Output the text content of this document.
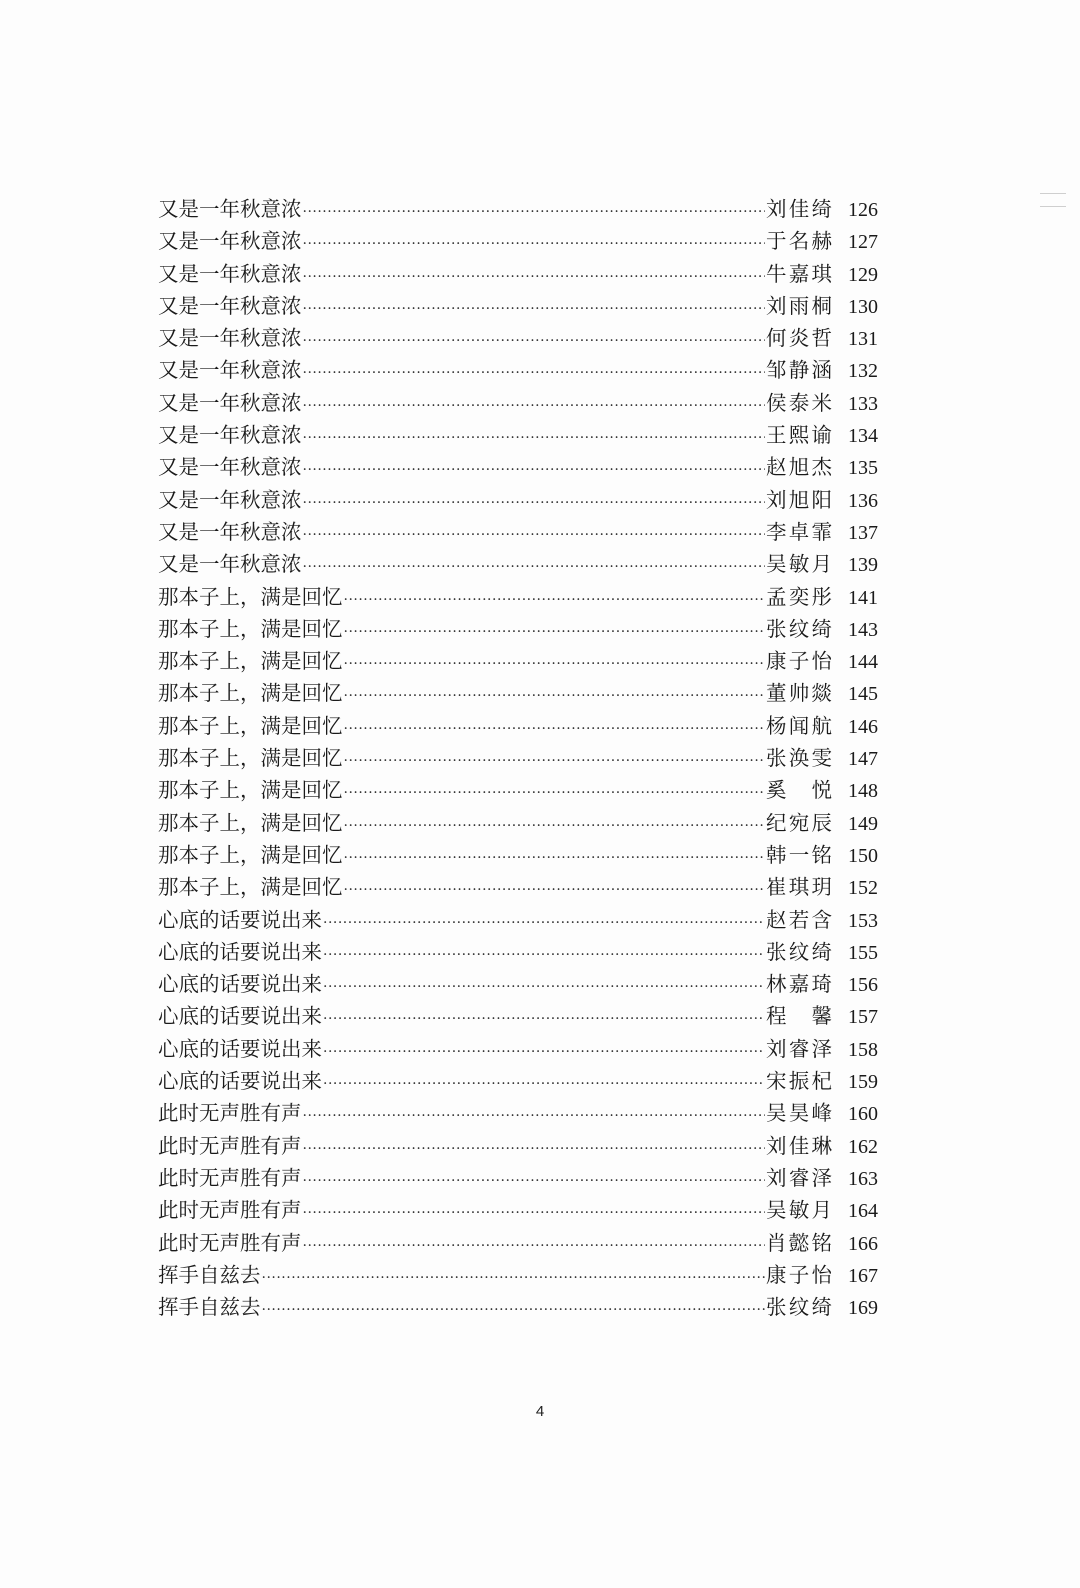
又是一年秋意浓 ·····	刘佳绮 126
又是一年秋意浓 ·····	于名赫 127
又是一年秋意浓 ·····	牛嘉琪 129
又是一年秋意浓 ·····	刘雨桐 130
又是一年秋意浓 ·····	何炎哲 131
又是一年秋意浓 ·····	邹静涵 132
又是一年秋意浓 ·····	侯泰米 133
又是一年秋意浓 ·····	王熙谕 134
又是一年秋意浓 ·····	赵旭杰 135
又是一年秋意浓 ·····	刘旭阳 136
又是一年秋意浓 ·····	李卓霏 137
又是一年秋意浓 ·····	吴敏月 139
那本子上，满是回忆 ·····	孟奕彤 141
那本子上，满是回忆 ·····	张纹绮 143
那本子上，满是回忆 ·····	康子怡 144
那本子上，满是回忆 ·····	董帅燚 145
那本子上，满是回忆 ·····	杨闻航 146
那本子上，满是回忆 ·····	张涣雯 147
那本子上，满是回忆 ·····	奚悦 148
那本子上，满是回忆 ·····	纪宛辰 149
那本子上，满是回忆 ·····	韩一铭 150
那本子上，满是回忆 ·····	崔琪玥 152
心底的话要说出来 ·····	赵若含 153
心底的话要说出来 ·····	张纹绮 155
心底的话要说出来 ·····	林嘉琦 156
心底的话要说出来 ·····	程馨 157
心底的话要说出来 ·····	刘睿泽 158
心底的话要说出来 ·····	宋振杞 159
此时无声胜有声 ·····	吴昊峰 160
此时无声胜有声 ·····	刘佳琳 162
此时无声胜有声 ·····	刘睿泽 163
此时无声胜有声 ·····	吴敏月 164
此时无声胜有声 ·····	肖懿铭 166
挥手自兹去 ·····	康子怡 167
挥手自兹去 ·····	张纹绮 169
4
